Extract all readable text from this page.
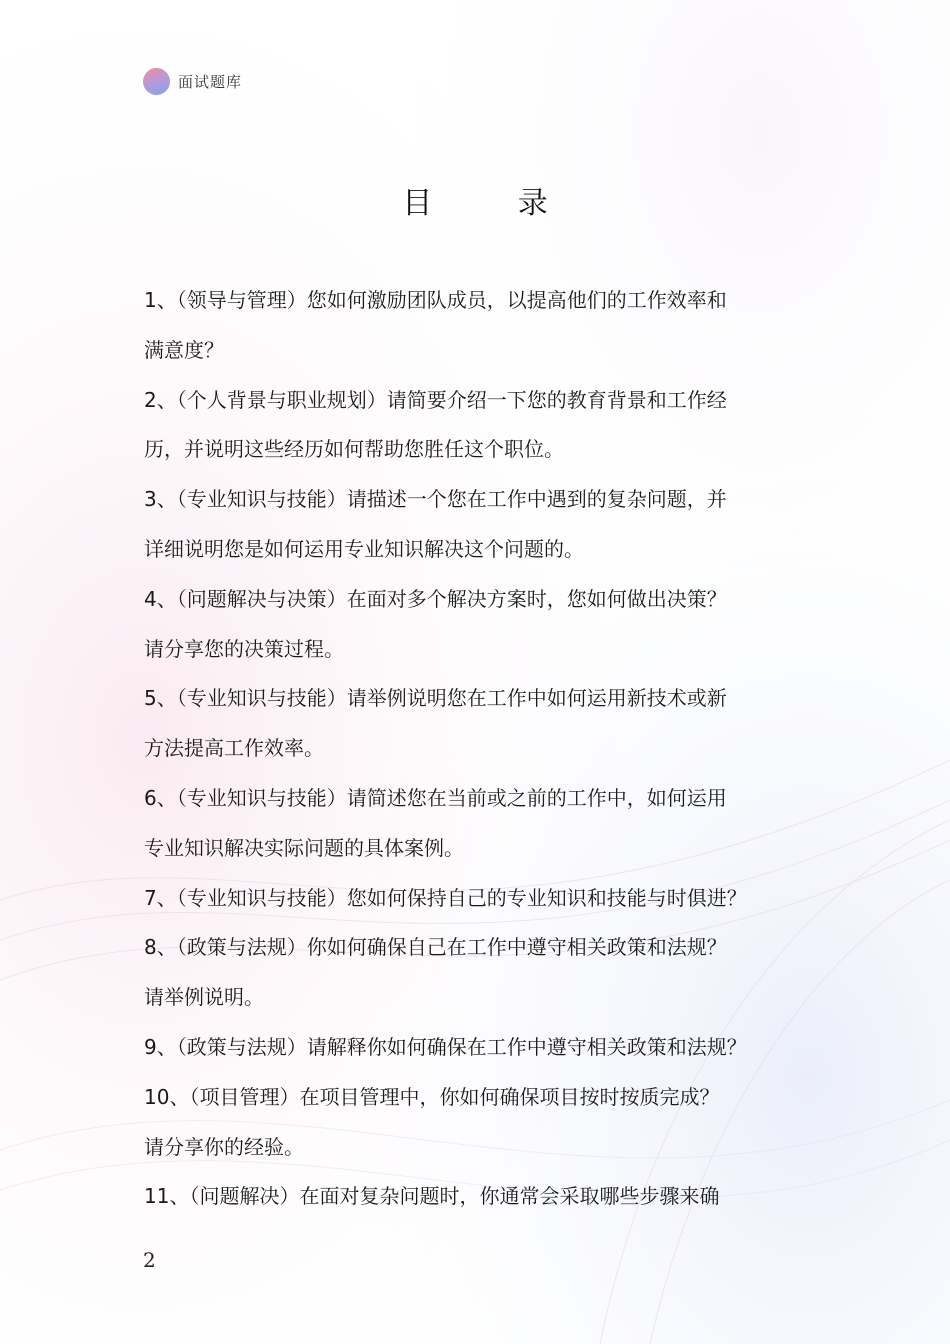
面试题库
目 录
1、（领导与管理）您如何激励团队成员，以提高他们的工作效率和
满意度？
2、（个人背景与职业规划）请简要介绍一下您的教育背景和工作经
历，并说明这些经历如何帮助您胜任这个职位。
3、（专业知识与技能）请描述一个您在工作中遇到的复杂问题，并
详细说明您是如何运用专业知识解决这个问题的。
4、（问题解决与决策）在面对多个解决方案时，您如何做出决策？
请分享您的决策过程。
5、（专业知识与技能）请举例说明您在工作中如何运用新技术或新
方法提高工作效率。
6、（专业知识与技能）请简述您在当前或之前的工作中，如何运用
专业知识解决实际问题的具体案例。
7、（专业知识与技能）您如何保持自己的专业知识和技能与时俱进？
8、（政策与法规）你如何确保自己在工作中遵守相关政策和法规？
请举例说明。
9、（政策与法规）请解释你如何确保在工作中遵守相关政策和法规？
10、（项目管理）在项目管理中，你如何确保项目按时按质完成？
请分享你的经验。
11、（问题解决）在面对复杂问题时，你通常会采取哪些步骤来确
2
